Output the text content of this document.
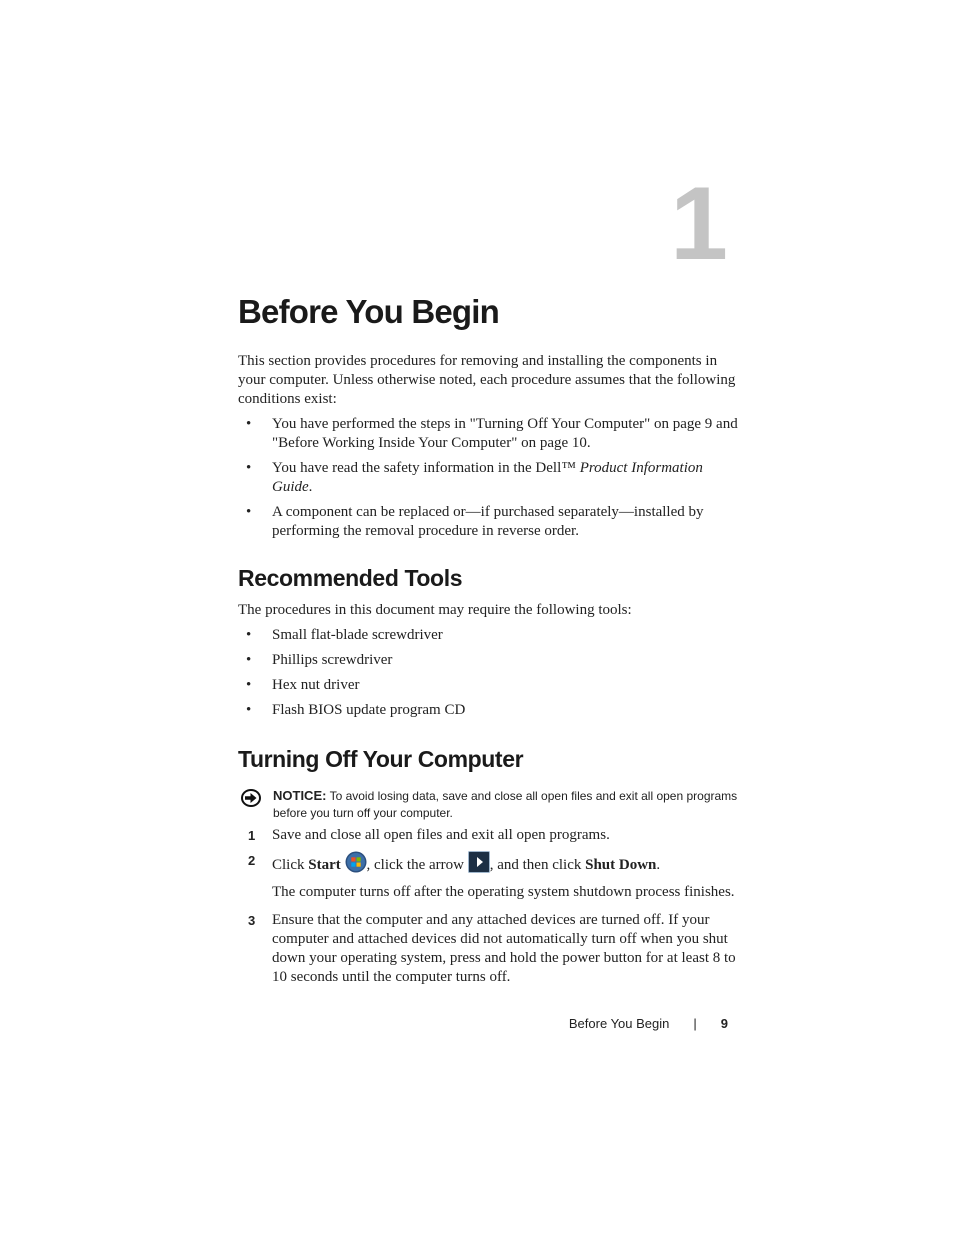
1
Before You Begin

This section provides procedures for removing and installing the components in your computer. Unless otherwise noted, each procedure assumes that the following conditions exist:

• You have performed the steps in "Turning Off Your Computer" on page 9 and "Before Working Inside Your Computer" on page 10.
• You have read the safety information in the Dell™ Product Information Guide.
• A component can be replaced or—if purchased separately—installed by performing the removal procedure in reverse order.
Recommended Tools

The procedures in this document may require the following tools:

• Small flat-blade screwdriver
• Phillips screwdriver
• Hex nut driver
• Flash BIOS update program CD
Turning Off Your Computer
NOTICE: To avoid losing data, save and close all open files and exit all open programs before you turn off your computer.
1 Save and close all open files and exit all open programs.
2 Click Start , click the arrow , and then click Shut Down.
The computer turns off after the operating system shutdown process finishes.
3 Ensure that the computer and any attached devices are turned off. If your computer and attached devices did not automatically turn off when you shut down your operating system, press and hold the power button for at least 8 to 10 seconds until the computer turns off.
Before You Begin | 9
